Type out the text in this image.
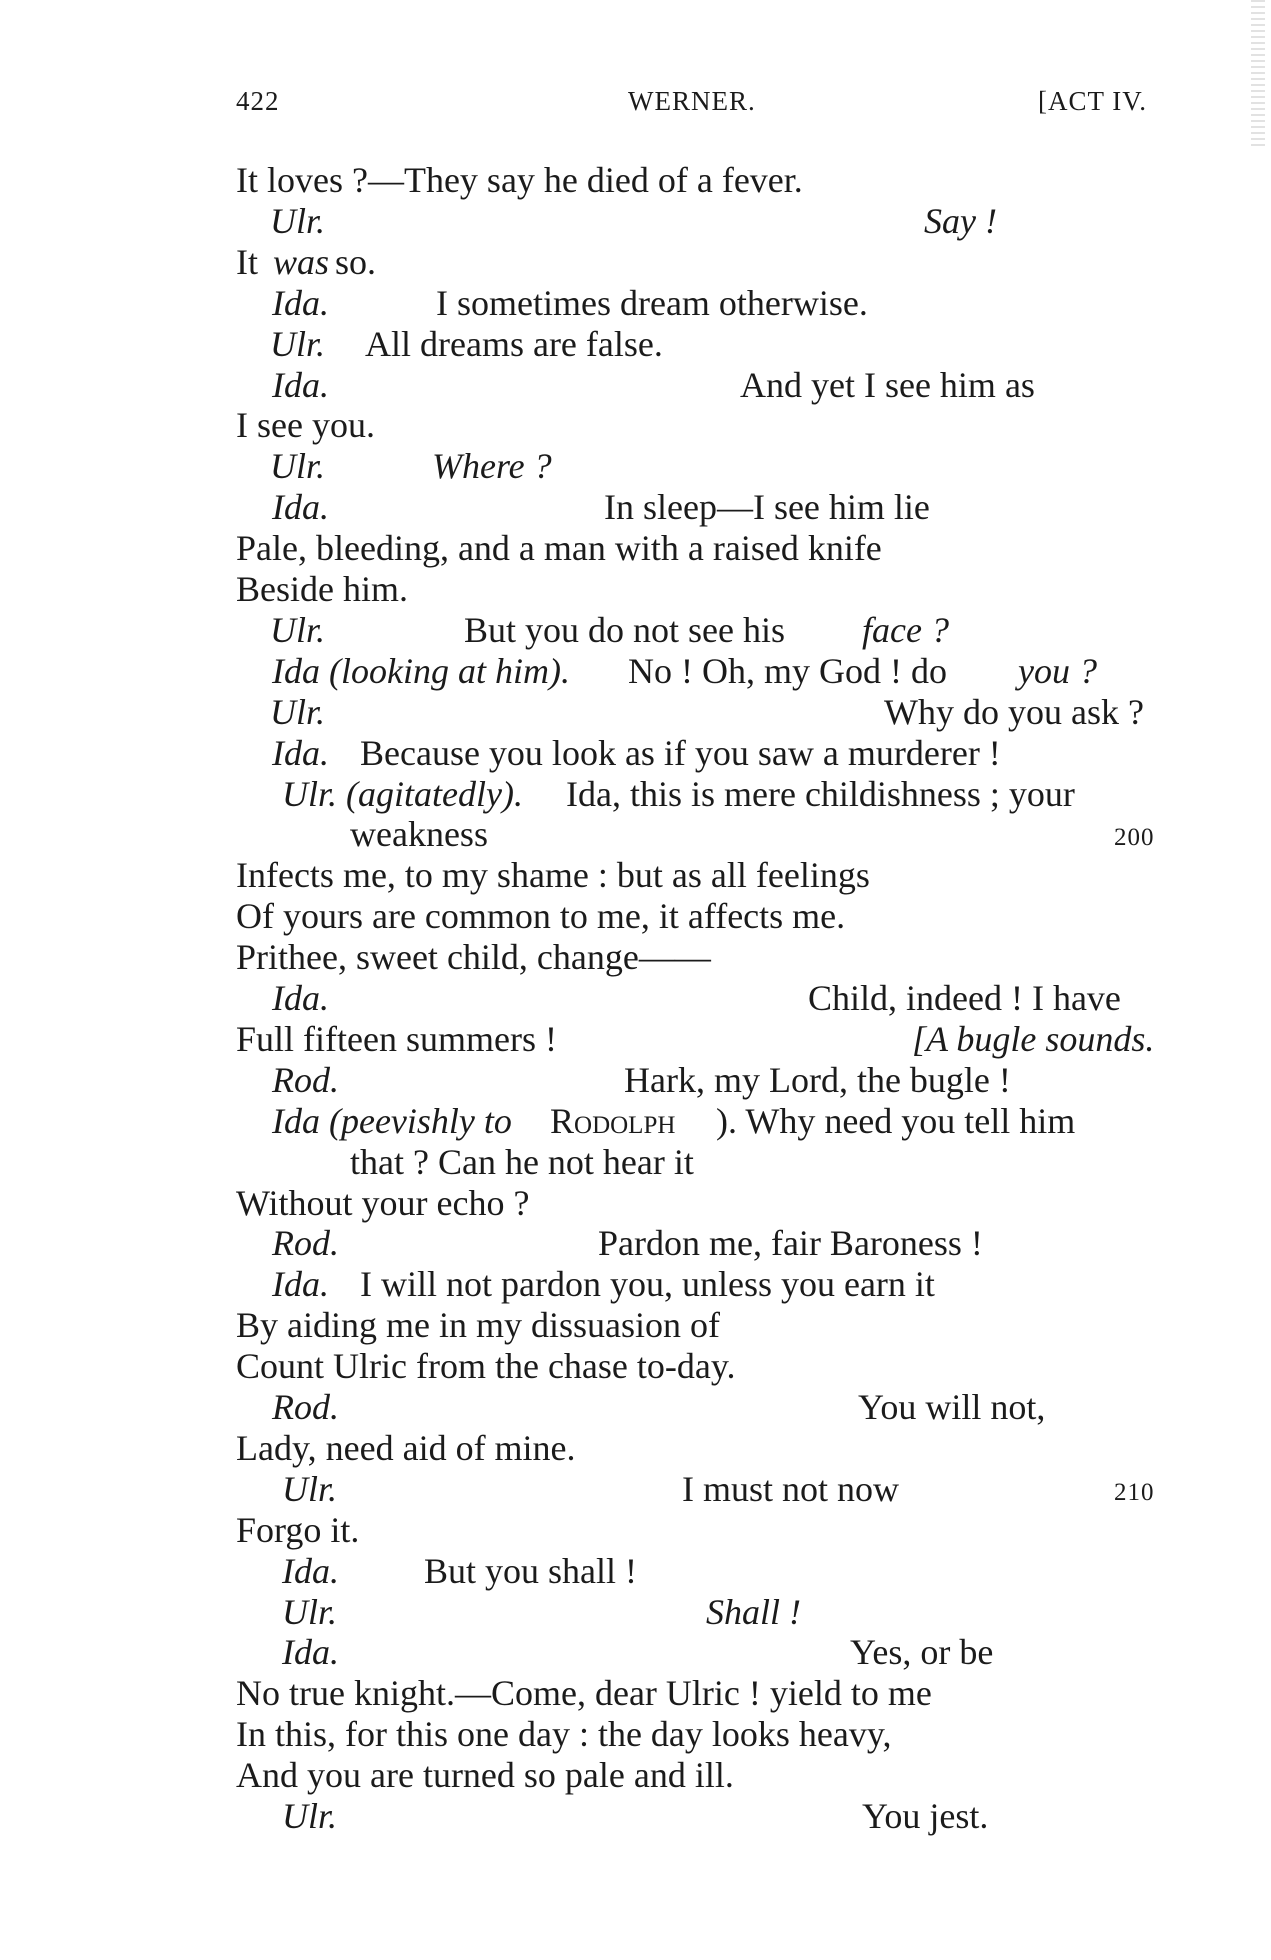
422	WERNER.	[ACT IV.
It loves ?—They say he died of a fever.
Ulr.	Say !
It was so.
Ida.	I sometimes dream otherwise.
Ulr. All dreams are false.
Ida.	And yet I see him as
I see you.
Ulr.	Where ?
Ida.	In sleep—I see him lie
Pale, bleeding, and a man with a raised knife
Beside him.
Ulr.	But you do not see his face ?
Ida (looking at him). No ! Oh, my God ! do you ?
Ulr.	Why do you ask ?
Ida. Because you look as if you saw a murderer !
Ulr. (agitatedly). Ida, this is mere childishness ; your
weakness	200
Infects me, to my shame : but as all feelings
Of yours are common to me, it affects me.
Prithee, sweet child, change——
Ida.	Child, indeed ! I have
Full fifteen summers !	[A bugle sounds.
Rod.	Hark, my Lord, the bugle !
Ida (peevishly to Rodolph ). Why need you tell him
that ? Can he not hear it
Without your echo ?
Rod.	Pardon me, fair Baroness !
Ida. I will not pardon you, unless you earn it
By aiding me in my dissuasion of
Count Ulric from the chase to-day.
Rod.	You will not,
Lady, need aid of mine.
Ulr.	I must not now	210
Forgo it.
Ida. But you shall !
Ulr.	Shall !
Ida.	Yes, or be
No true knight.—Come, dear Ulric ! yield to me
In this, for this one day : the day looks heavy,
And you are turned so pale and ill.
Ulr.	You jest.
